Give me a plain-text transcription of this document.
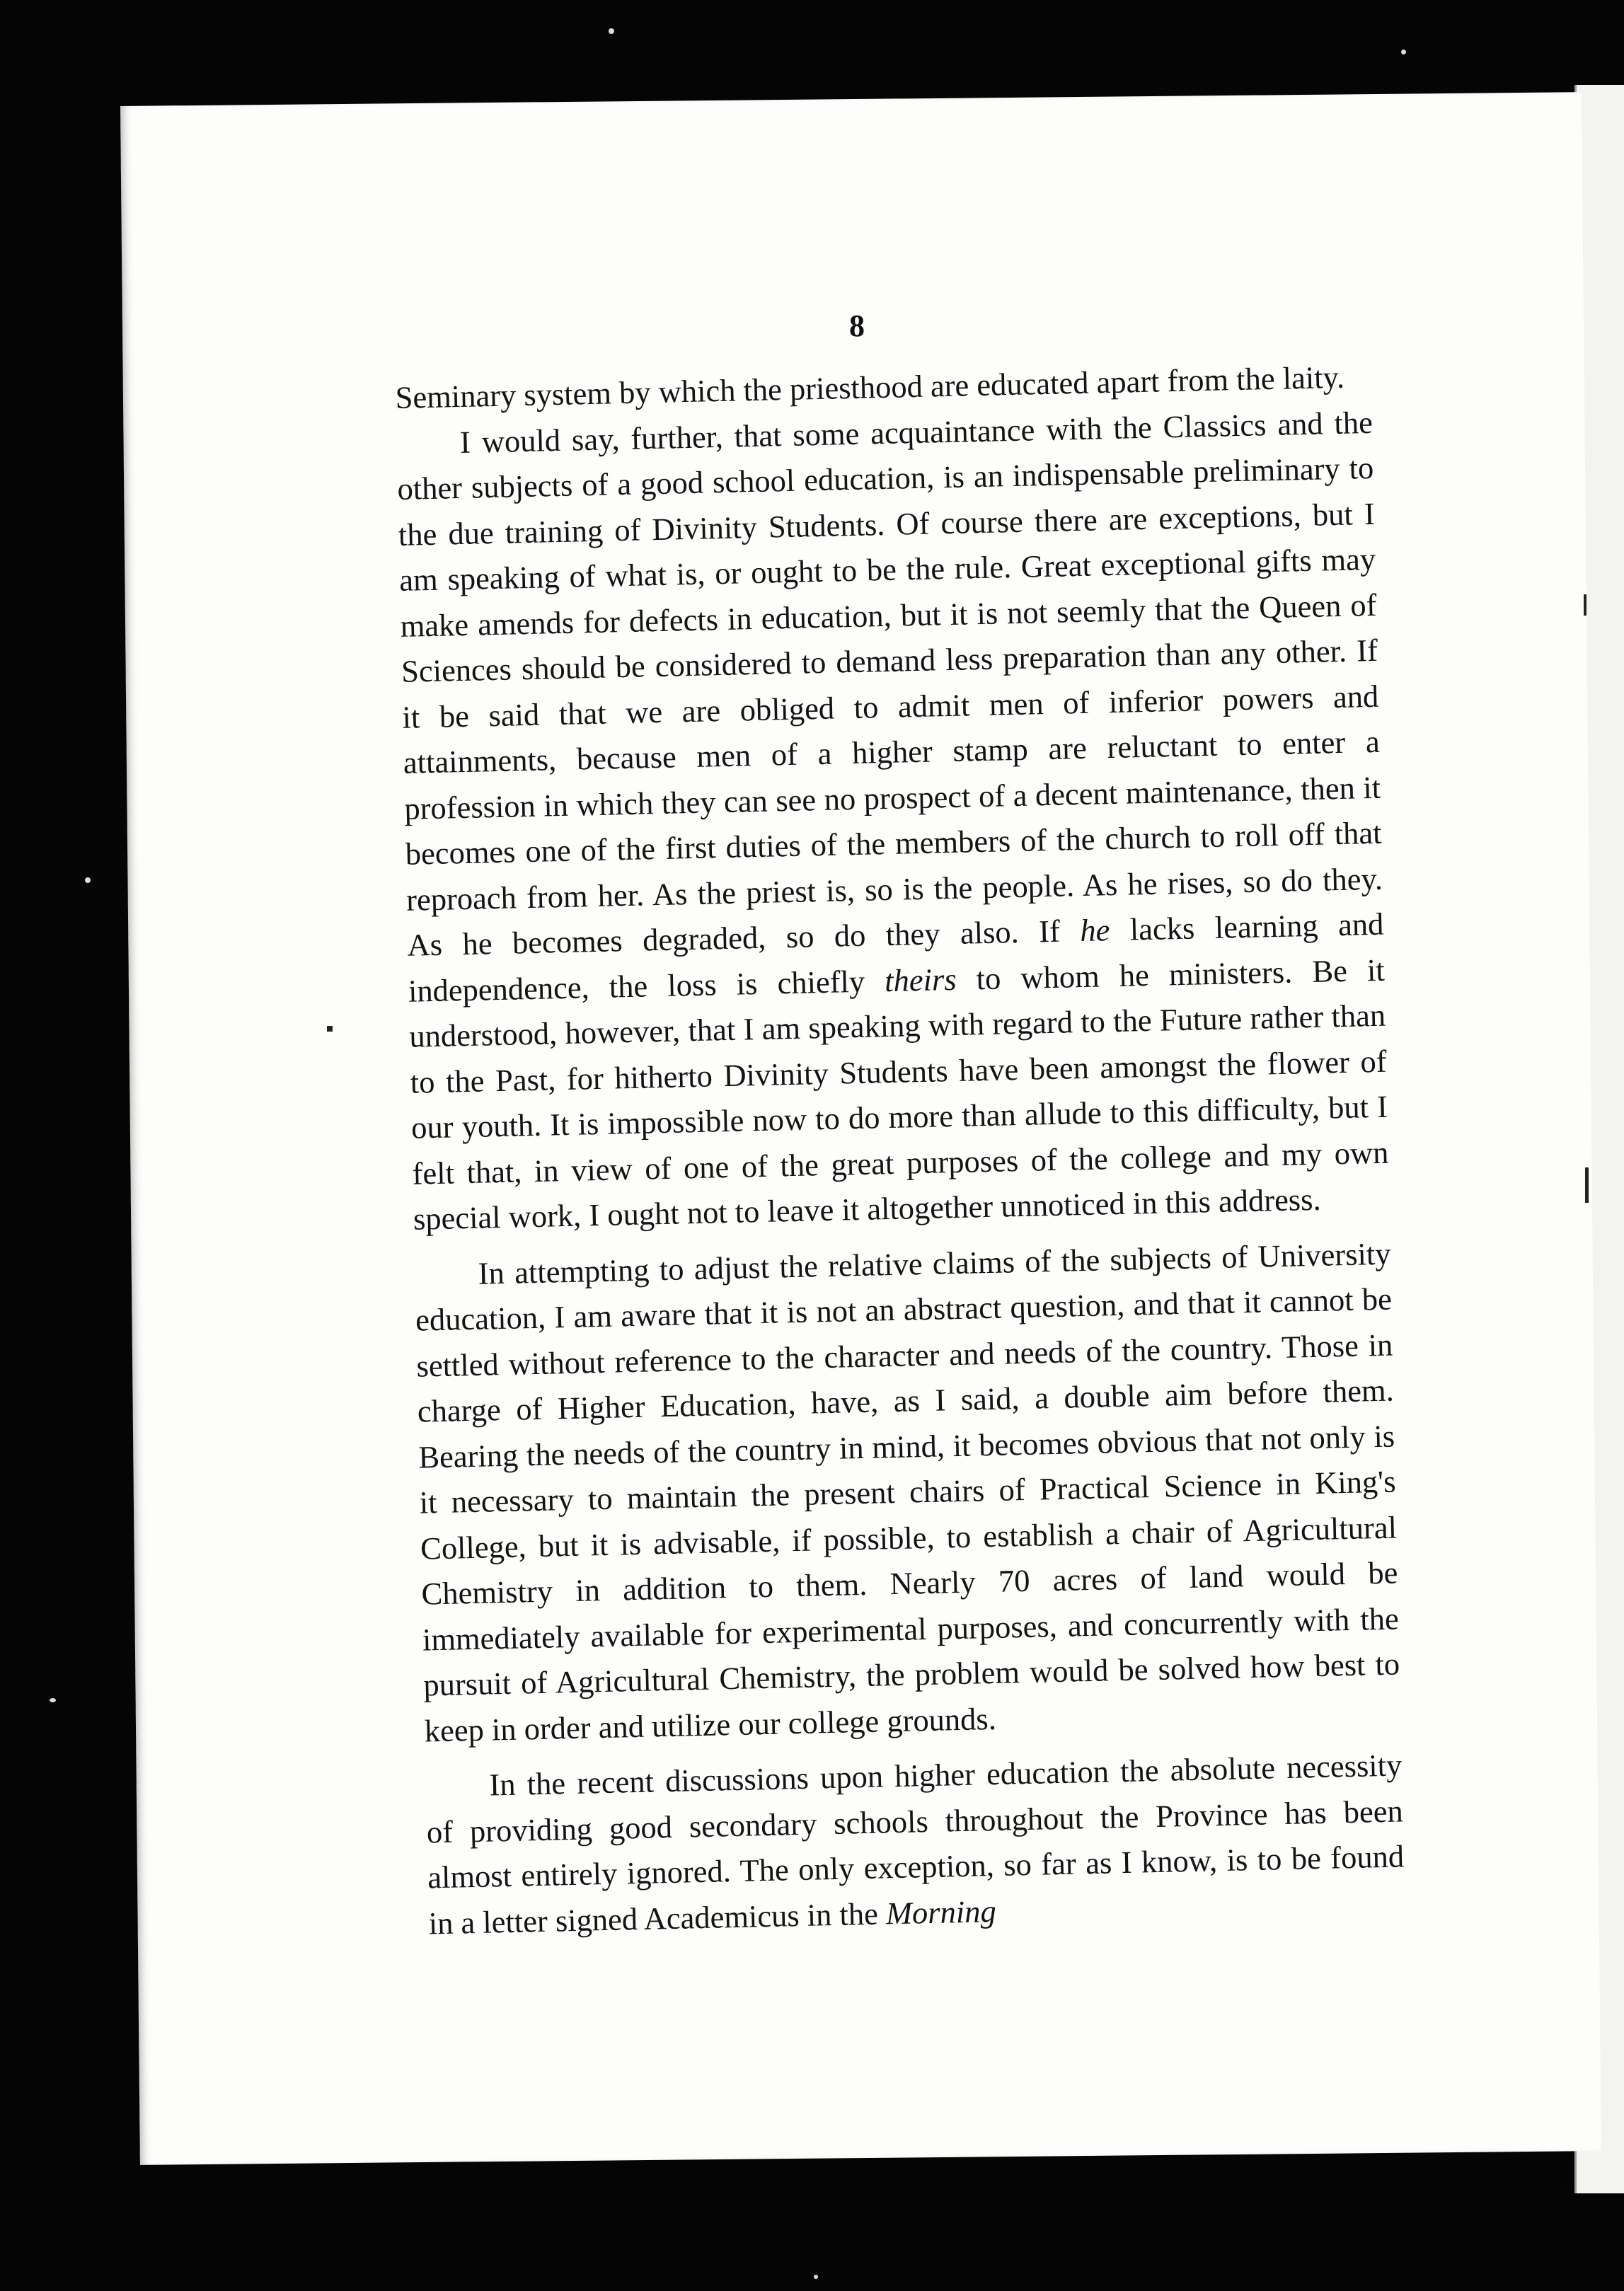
8

Seminary system by which the priesthood are educated apart from the laity.

I would say, further, that some acquaintance with the Classics and the other subjects of a good school education, is an indispensable preliminary to the due training of Divinity Students. Of course there are exceptions, but I am speaking of what is, or ought to be the rule. Great exceptional gifts may make amends for defects in education, but it is not seemly that the Queen of Sciences should be considered to demand less preparation than any other. If it be said that we are obliged to admit men of inferior powers and attainments, because men of a higher stamp are reluctant to enter a profession in which they can see no prospect of a decent maintenance, then it becomes one of the first duties of the members of the church to roll off that reproach from her. As the priest is, so is the people. As he rises, so do they. As he becomes degraded, so do they also. If he lacks learning and independence, the loss is chiefly theirs to whom he ministers. Be it understood, however, that I am speaking with regard to the Future rather than to the Past, for hitherto Divinity Students have been amongst the flower of our youth. It is impossible now to do more than allude to this difficulty, but I felt that, in view of one of the great purposes of the college and my own special work, I ought not to leave it altogether unnoticed in this address.

In attempting to adjust the relative claims of the subjects of University education, I am aware that it is not an abstract question, and that it cannot be settled without reference to the character and needs of the country. Those in charge of Higher Education, have, as I said, a double aim before them. Bearing the needs of the country in mind, it becomes obvious that not only is it necessary to maintain the present chairs of Practical Science in King's College, but it is advisable, if possible, to establish a chair of Agricultural Chemistry in addition to them. Nearly 70 acres of land would be immediately available for experimental purposes, and concurrently with the pursuit of Agricultural Chemistry, the problem would be solved how best to keep in order and utilize our college grounds.

In the recent discussions upon higher education the absolute necessity of providing good secondary schools throughout the Province has been almost entirely ignored. The only exception, so far as I know, is to be found in a letter signed Academicus in the Morning
